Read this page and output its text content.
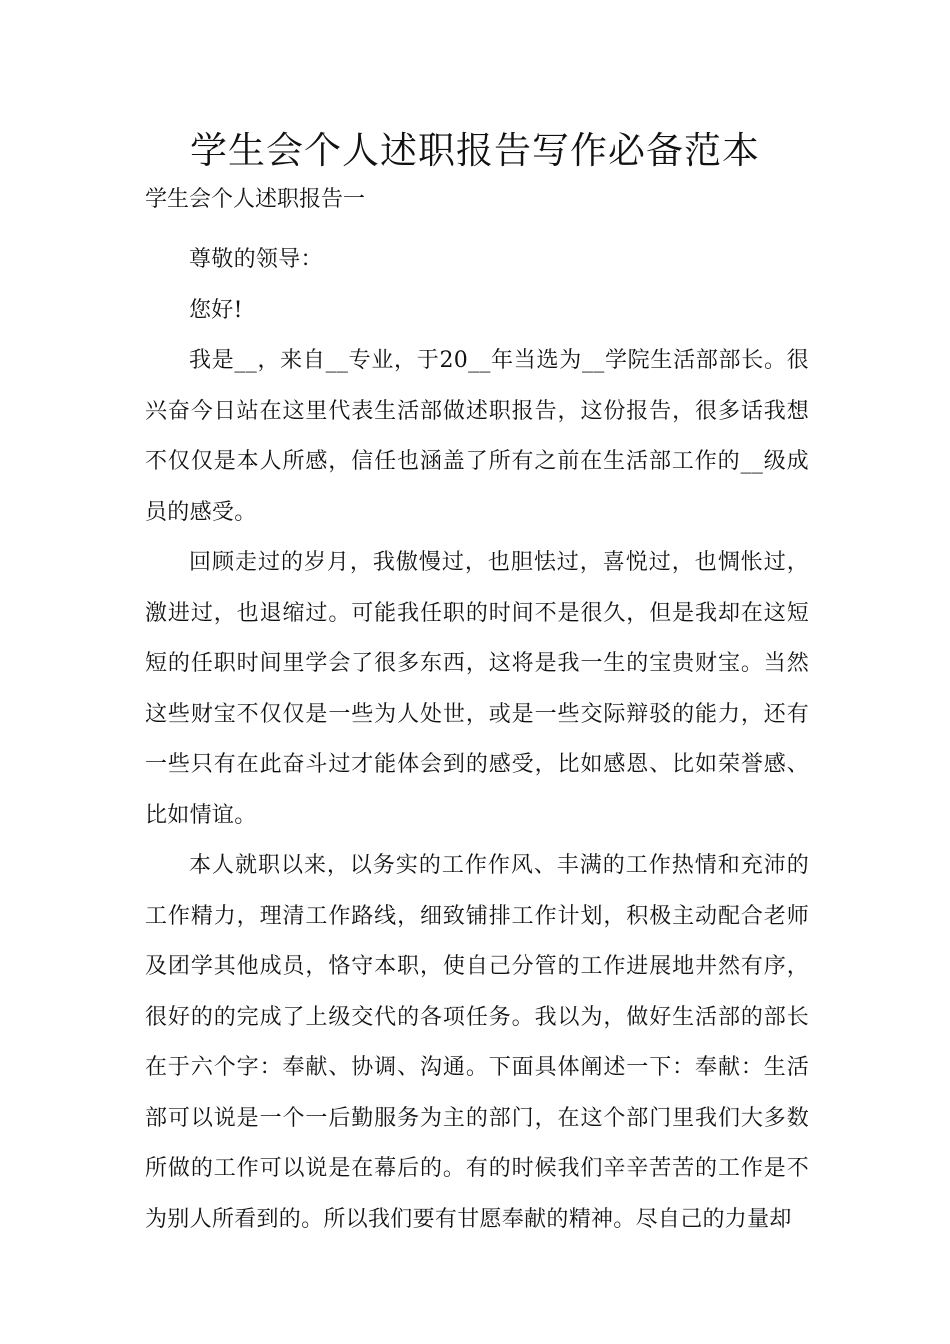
学生会个人述职报告写作必备范本

学生会个人述职报告一

尊敬的领导：

您好!

我是__，来自__专业，于20__年当选为__学院生活部部长。很兴奋今日站在这里代表生活部做述职报告，这份报告，很多话我想不仅仅是本人所感，信任也涵盖了所有之前在生活部工作的__级成员的感受。

回顾走过的岁月，我傲慢过，也胆怯过，喜悦过，也惆怅过，激进过，也退缩过。可能我任职的时间不是很久，但是我却在这短短的任职时间里学会了很多东西，这将是我一生的宝贵财宝。当然这些财宝不仅仅是一些为人处世，或是一些交际辩驳的能力，还有一些只有在此奋斗过才能体会到的感受，比如感恩、比如荣誉感、比如情谊。

本人就职以来，以务实的工作作风、丰满的工作热情和充沛的工作精力，理清工作路线，细致铺排工作计划，积极主动配合老师及团学其他成员，恪守本职，使自己分管的工作进展地井然有序，很好的的完成了上级交代的各项任务。我以为，做好生活部的部长在于六个字：奉献、协调、沟通。下面具体阐述一下：奉献：生活部可以说是一个一后勤服务为主的部门，在这个部门里我们大多数所做的工作可以说是在幕后的。有的时候我们辛辛苦苦的工作是不为别人所看到的。所以我们要有甘愿奉献的精神。尽自己的力量却
